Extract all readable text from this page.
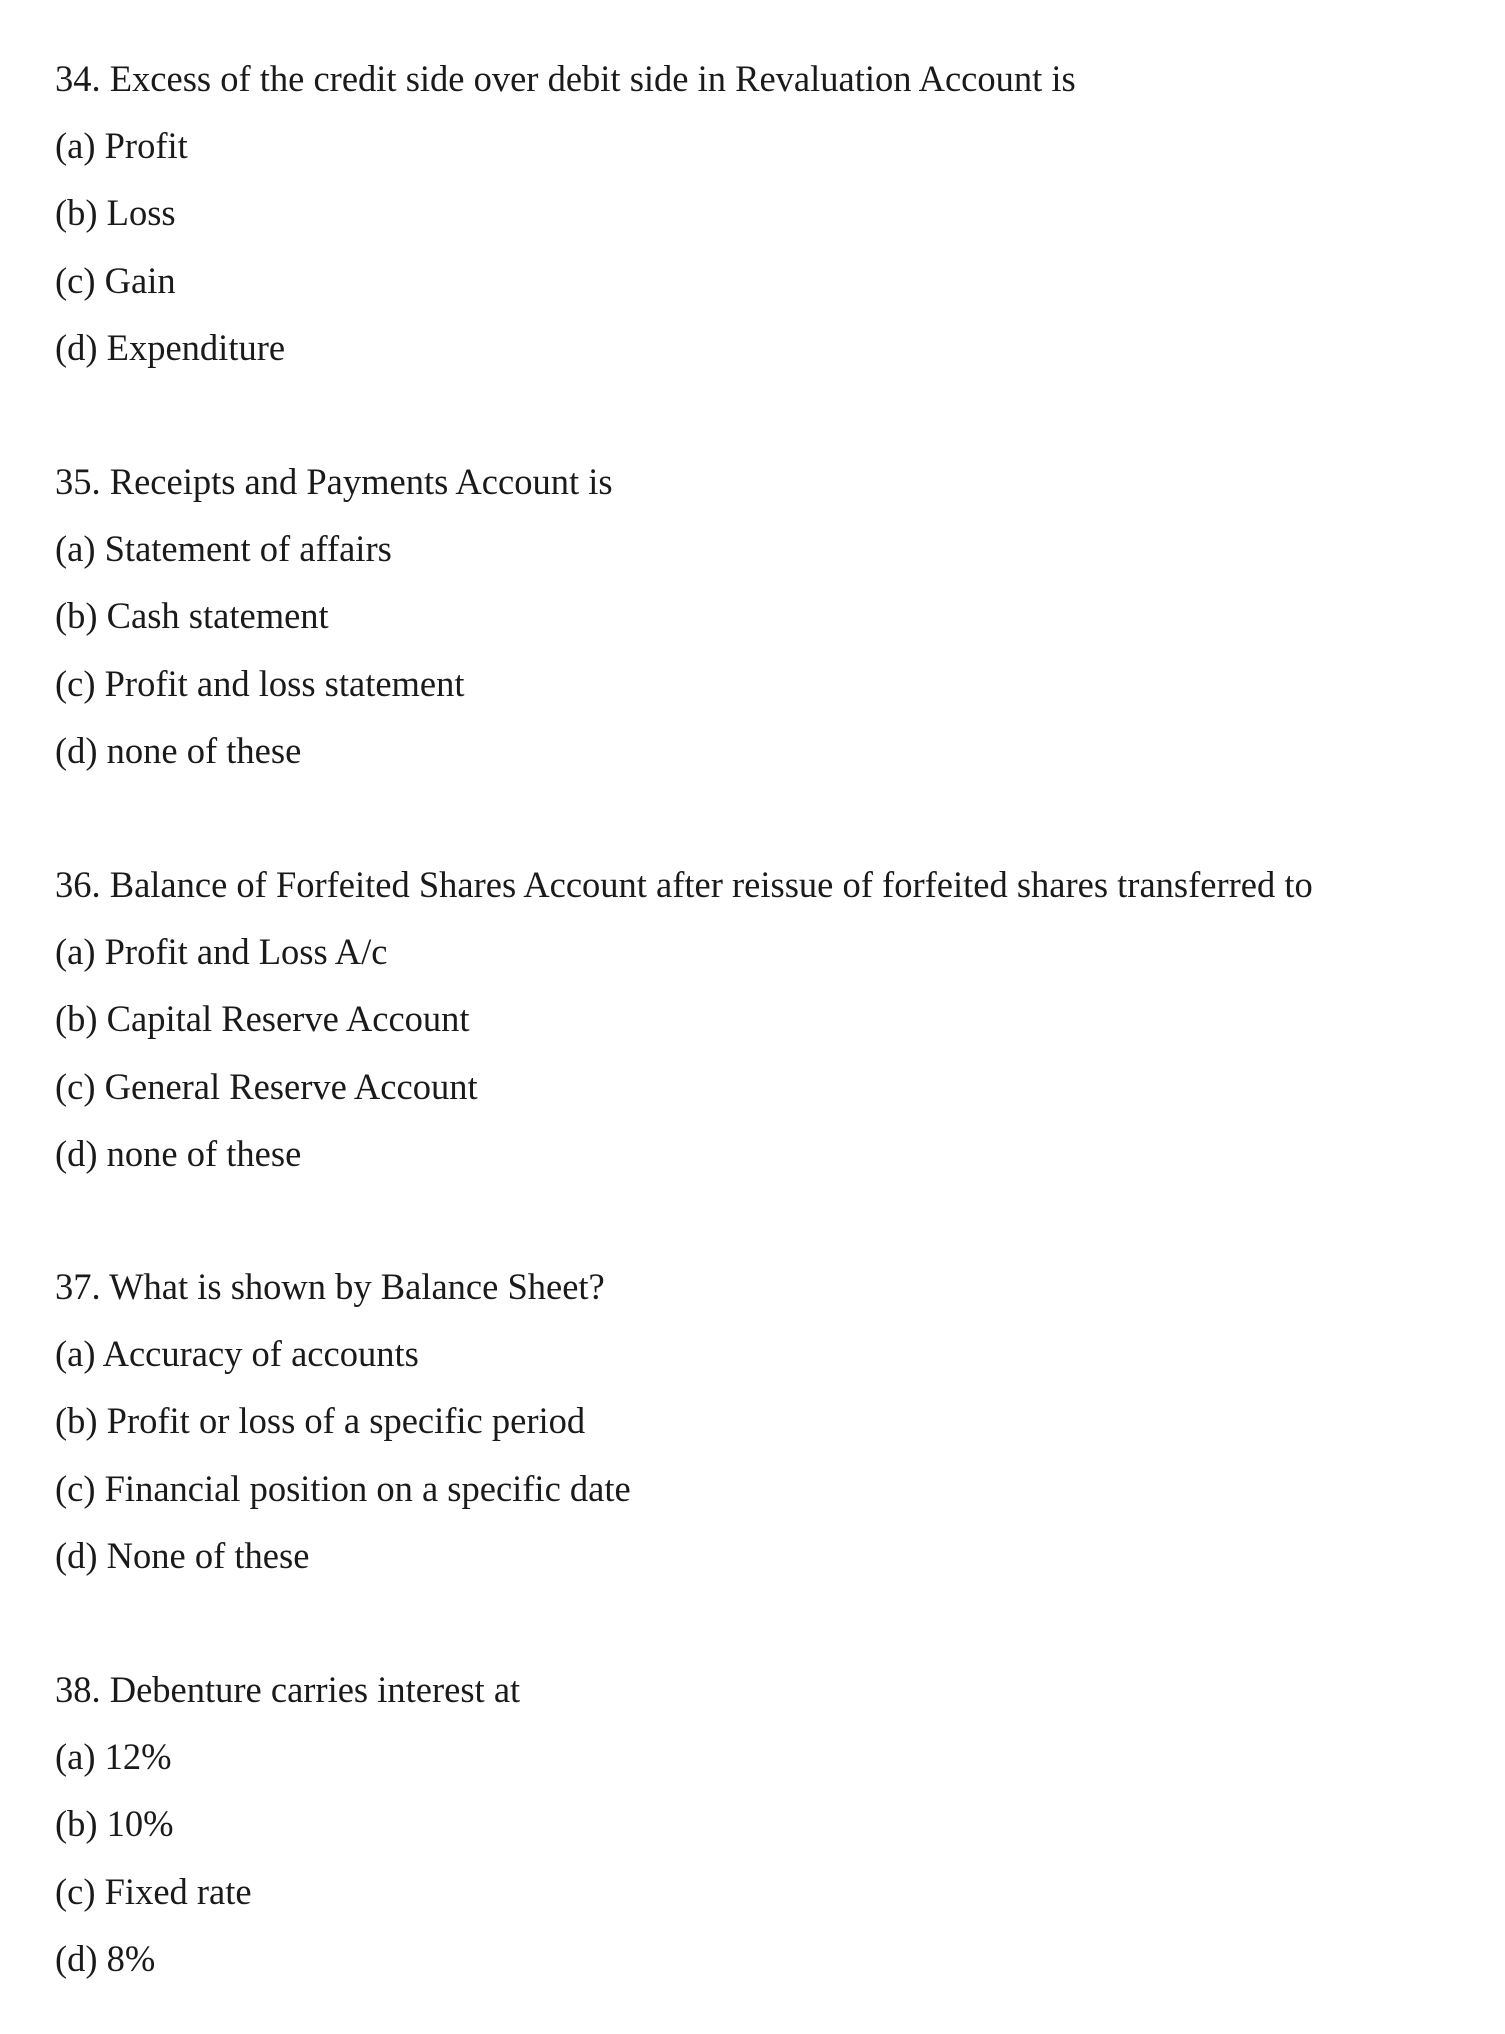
34. Excess of the credit side over debit side in Revaluation Account is
(a) Profit
(b) Loss
(c) Gain
(d) Expenditure
35. Receipts and Payments Account is
(a) Statement of affairs
(b) Cash statement
(c) Profit and loss statement
(d) none of these
36. Balance of Forfeited Shares Account after reissue of forfeited shares transferred to
(a) Profit and Loss A/c
(b) Capital Reserve Account
(c) General Reserve Account
(d) none of these
37. What is shown by Balance Sheet?
(a) Accuracy of accounts
(b) Profit or loss of a specific period
(c) Financial position on a specific date
(d) None of these
38. Debenture carries interest at
(a) 12%
(b) 10%
(c) Fixed rate
(d) 8%
